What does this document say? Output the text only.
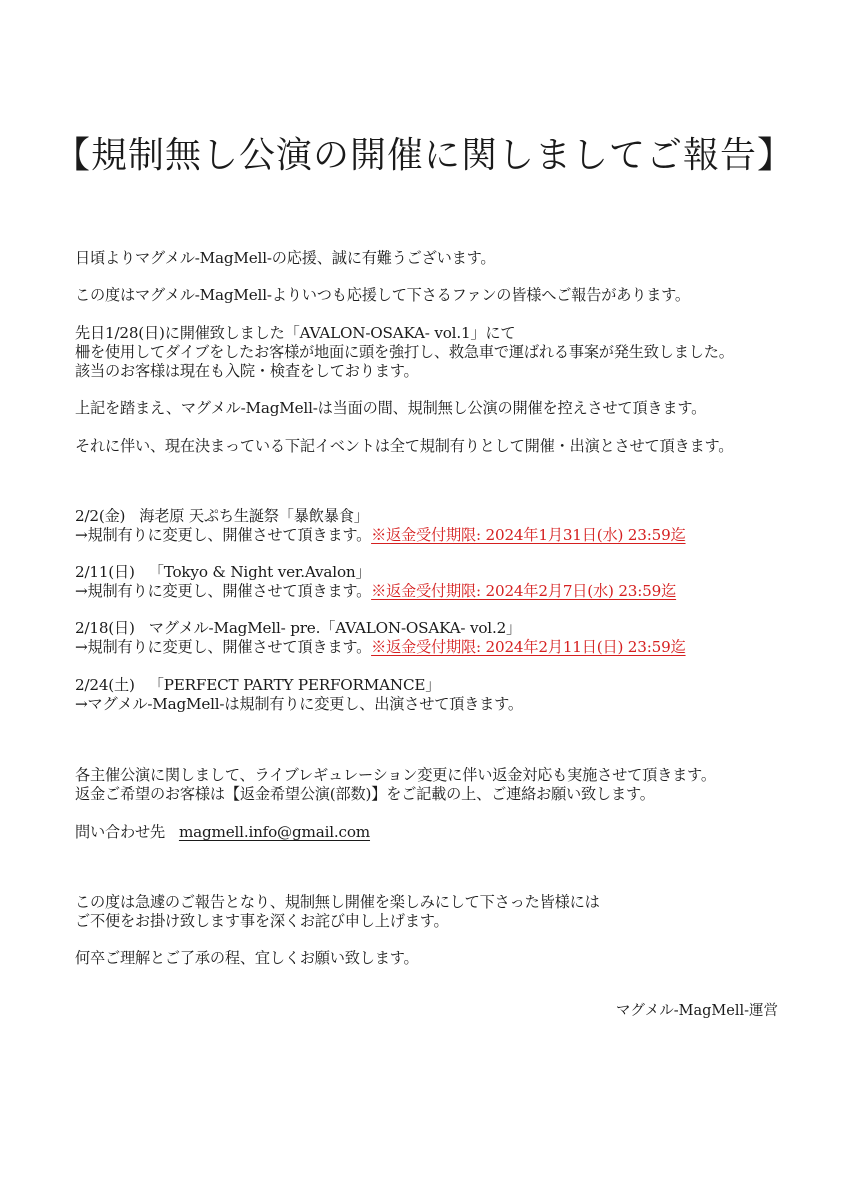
【規制無し公演の開催に関しましてご報告】
日頃よりマグメル-MagMell-の応援、誠に有難うございます。
この度はマグメル-MagMell-よりいつも応援して下さるファンの皆様へご報告があります。
先日1/28(日)に開催致しました「AVALON-OSAKA- vol.1」にて
柵を使用してダイブをしたお客様が地面に頭を強打し、救急車で運ばれる事案が発生致しました。
該当のお客様は現在も入院・検査をしております。
上記を踏まえ、マグメル-MagMell-は当面の間、規制無し公演の開催を控えさせて頂きます。
それに伴い、現在決まっている下記イベントは全て規制有りとして開催・出演とさせて頂きます。
2/2(金) 海老原 天ぷち生誕祭「暴飲暴食」
→規制有りに変更し、開催させて頂きます。※返金受付期限: 2024年1月31日(水) 23:59迄
2/11(日) 「Tokyo & Night ver.Avalon」
→規制有りに変更し、開催させて頂きます。※返金受付期限: 2024年2月7日(水) 23:59迄
2/18(日) マグメル-MagMell- pre.「AVALON-OSAKA- vol.2」
→規制有りに変更し、開催させて頂きます。※返金受付期限: 2024年2月11日(日) 23:59迄
2/24(土) 「PERFECT PARTY PERFORMANCE」
→マグメル-MagMell-は規制有りに変更し、出演させて頂きます。
各主催公演に関しまして、ライブレギュレーション変更に伴い返金対応も実施させて頂きます。
返金ご希望のお客様は【返金希望公演(部数)】をご記載の上、ご連絡お願い致します。
問い合わせ先 magmell.info@gmail.com
この度は急遽のご報告となり、規制無し開催を楽しみにして下さった皆様には
ご不便をお掛け致します事を深くお詫び申し上げます。
何卒ご理解とご了承の程、宜しくお願い致します。
マグメル-MagMell-運営
